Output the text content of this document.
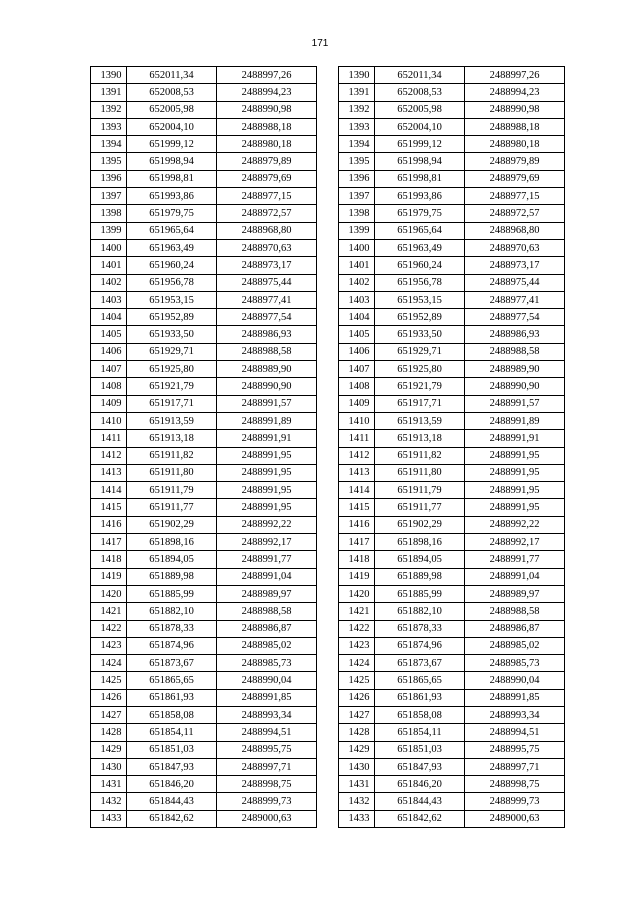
171
1390	652011,34	2488997,26
1391	652008,53	2488994,23
1392	652005,98	2488990,98
1393	652004,10	2488988,18
1394	651999,12	2488980,18
1395	651998,94	2488979,89
1396	651998,81	2488979,69
1397	651993,86	2488977,15
1398	651979,75	2488972,57
1399	651965,64	2488968,80
1400	651963,49	2488970,63
1401	651960,24	2488973,17
1402	651956,78	2488975,44
1403	651953,15	2488977,41
1404	651952,89	2488977,54
1405	651933,50	2488986,93
1406	651929,71	2488988,58
1407	651925,80	2488989,90
1408	651921,79	2488990,90
1409	651917,71	2488991,57
1410	651913,59	2488991,89
1411	651913,18	2488991,91
1412	651911,82	2488991,95
1413	651911,80	2488991,95
1414	651911,79	2488991,95
1415	651911,77	2488991,95
1416	651902,29	2488992,22
1417	651898,16	2488992,17
1418	651894,05	2488991,77
1419	651889,98	2488991,04
1420	651885,99	2488989,97
1421	651882,10	2488988,58
1422	651878,33	2488986,87
1423	651874,96	2488985,02
1424	651873,67	2488985,73
1425	651865,65	2488990,04
1426	651861,93	2488991,85
1427	651858,08	2488993,34
1428	651854,11	2488994,51
1429	651851,03	2488995,75
1430	651847,93	2488997,71
1431	651846,20	2488998,75
1432	651844,43	2488999,73
1433	651842,62	2489000,63
1390	652011,34	2488997,26
1391	652008,53	2488994,23
1392	652005,98	2488990,98
1393	652004,10	2488988,18
1394	651999,12	2488980,18
1395	651998,94	2488979,89
1396	651998,81	2488979,69
1397	651993,86	2488977,15
1398	651979,75	2488972,57
1399	651965,64	2488968,80
1400	651963,49	2488970,63
1401	651960,24	2488973,17
1402	651956,78	2488975,44
1403	651953,15	2488977,41
1404	651952,89	2488977,54
1405	651933,50	2488986,93
1406	651929,71	2488988,58
1407	651925,80	2488989,90
1408	651921,79	2488990,90
1409	651917,71	2488991,57
1410	651913,59	2488991,89
1411	651913,18	2488991,91
1412	651911,82	2488991,95
1413	651911,80	2488991,95
1414	651911,79	2488991,95
1415	651911,77	2488991,95
1416	651902,29	2488992,22
1417	651898,16	2488992,17
1418	651894,05	2488991,77
1419	651889,98	2488991,04
1420	651885,99	2488989,97
1421	651882,10	2488988,58
1422	651878,33	2488986,87
1423	651874,96	2488985,02
1424	651873,67	2488985,73
1425	651865,65	2488990,04
1426	651861,93	2488991,85
1427	651858,08	2488993,34
1428	651854,11	2488994,51
1429	651851,03	2488995,75
1430	651847,93	2488997,71
1431	651846,20	2488998,75
1432	651844,43	2488999,73
1433	651842,62	2489000,63
